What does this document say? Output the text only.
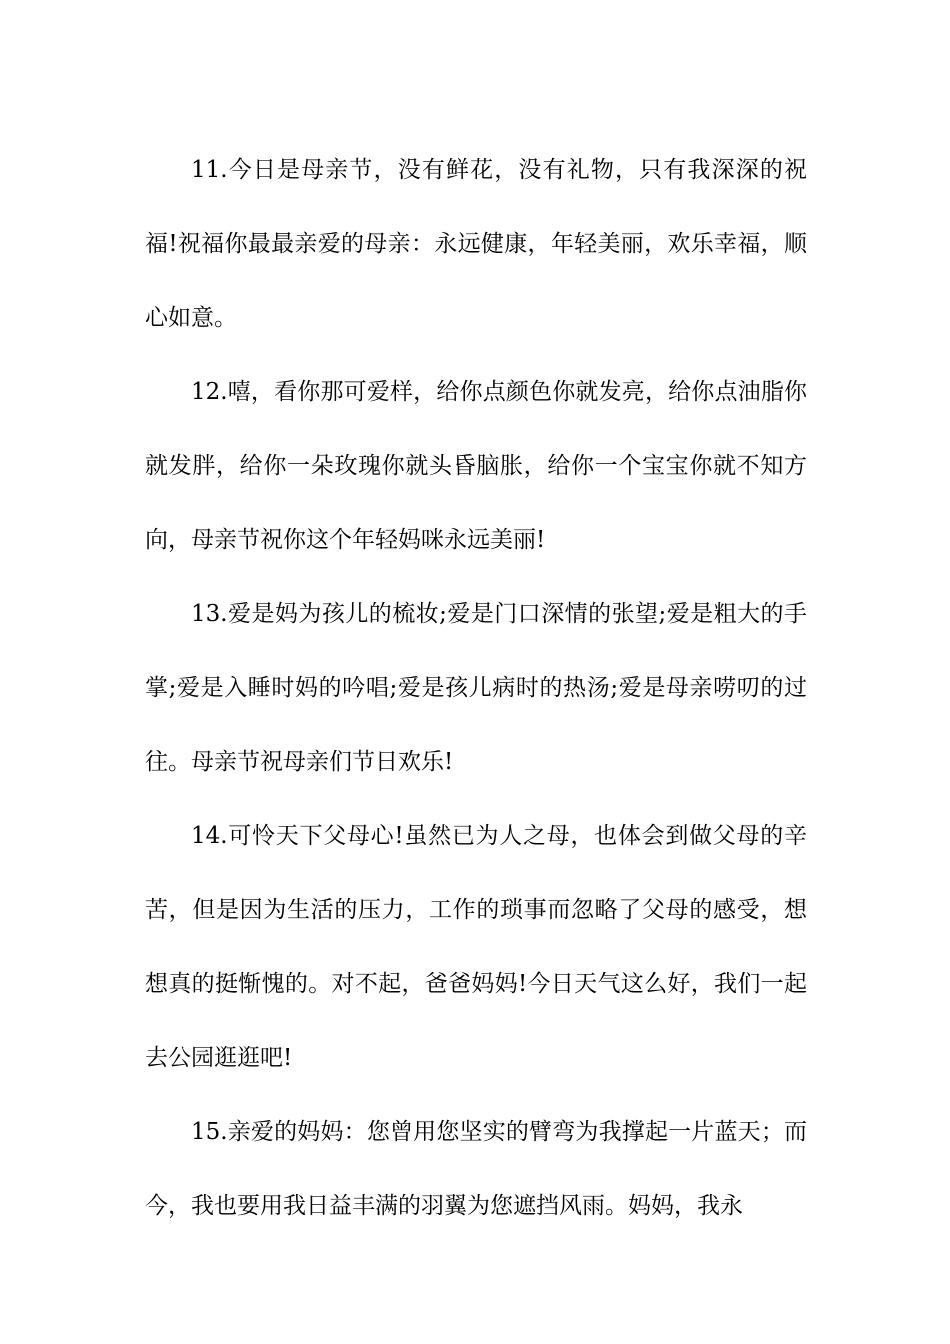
11.今日是母亲节，没有鲜花，没有礼物，只有我深深的祝福!祝福你最最亲爱的母亲：永远健康，年轻美丽，欢乐幸福，顺心如意。

12.嘻，看你那可爱样，给你点颜色你就发亮，给你点油脂你就发胖，给你一朵玫瑰你就头昏脑胀，给你一个宝宝你就不知方向，母亲节祝你这个年轻妈咪永远美丽!

13.爱是妈为孩儿的梳妆;爱是门口深情的张望;爱是粗大的手掌;爱是入睡时妈的吟唱;爱是孩儿病时的热汤;爱是母亲唠叨的过往。母亲节祝母亲们节日欢乐!

14.可怜天下父母心!虽然已为人之母，也体会到做父母的辛苦，但是因为生活的压力，工作的琐事而忽略了父母的感受，想想真的挺惭愧的。对不起，爸爸妈妈!今日天气这么好，我们一起去公园逛逛吧!

15.亲爱的妈妈：您曾用您坚实的臂弯为我撑起一片蓝天；而今，我也要用我日益丰满的羽翼为您遮挡风雨。妈妈，我永
